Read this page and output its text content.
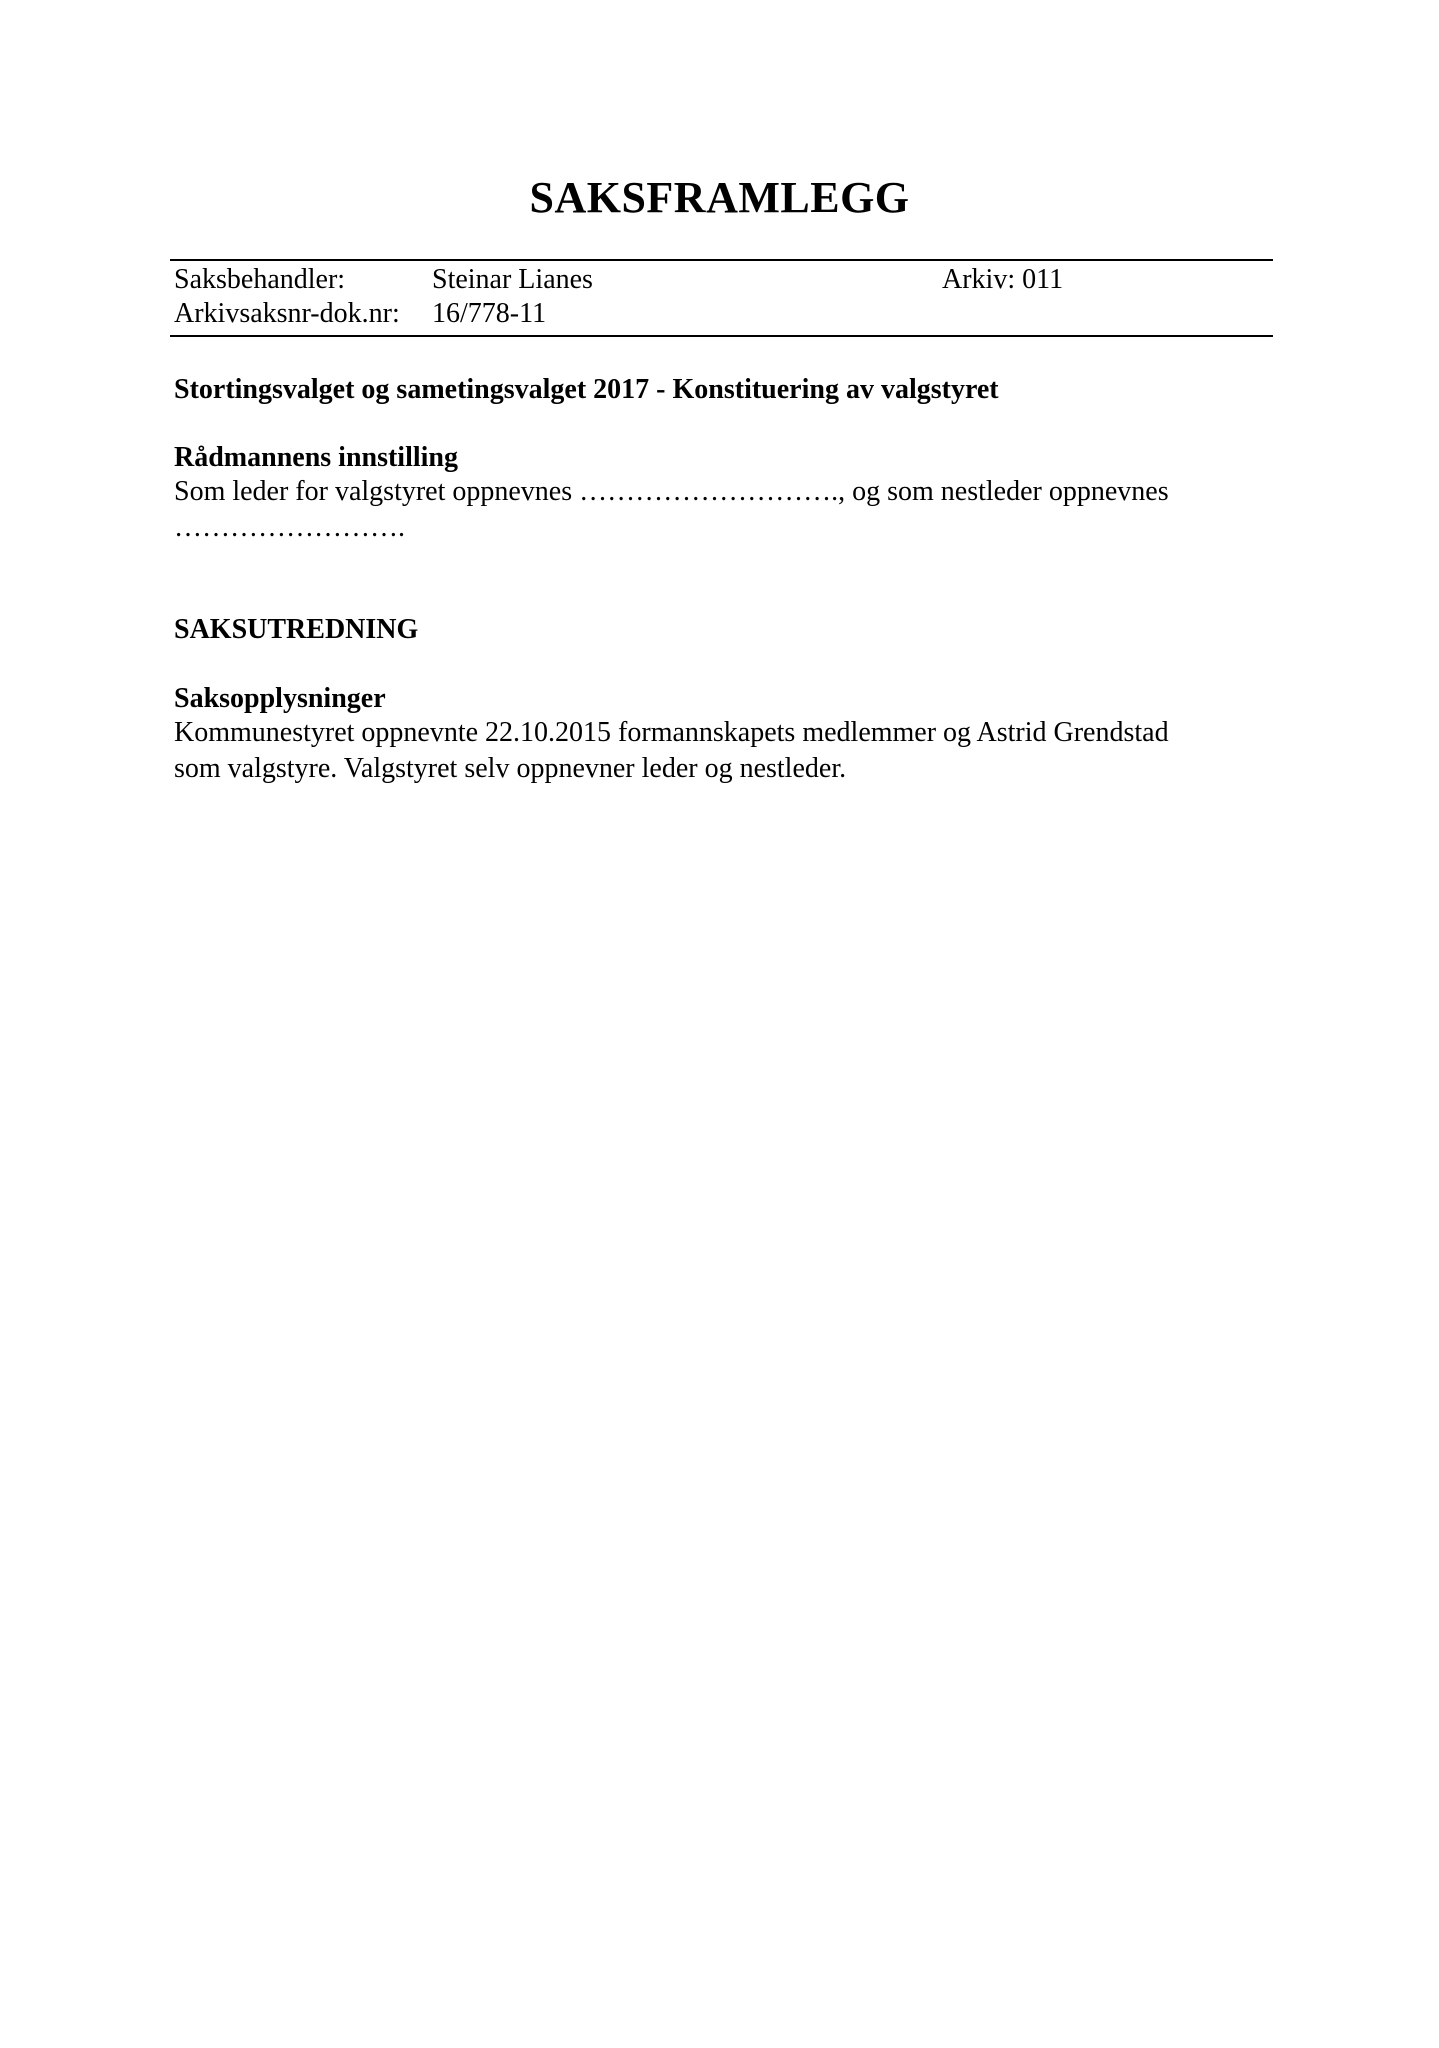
SAKSFRAMLEGG
Saksbehandler:	Steinar Lianes	Arkiv: 011
Arkivsaksnr-dok.nr: 16/778-11
Stortingsvalget og sametingsvalget 2017 - Konstituering av valgstyret
Rådmannens innstilling
Som leder for valgstyret oppnevnes ………………………., og som nestleder oppnevnes
…………………….
SAKSUTREDNING
Saksopplysninger
Kommunestyret oppnevnte 22.10.2015 formannskapets medlemmer og Astrid Grendstad
som valgstyre. Valgstyret selv oppnevner leder og nestleder.
